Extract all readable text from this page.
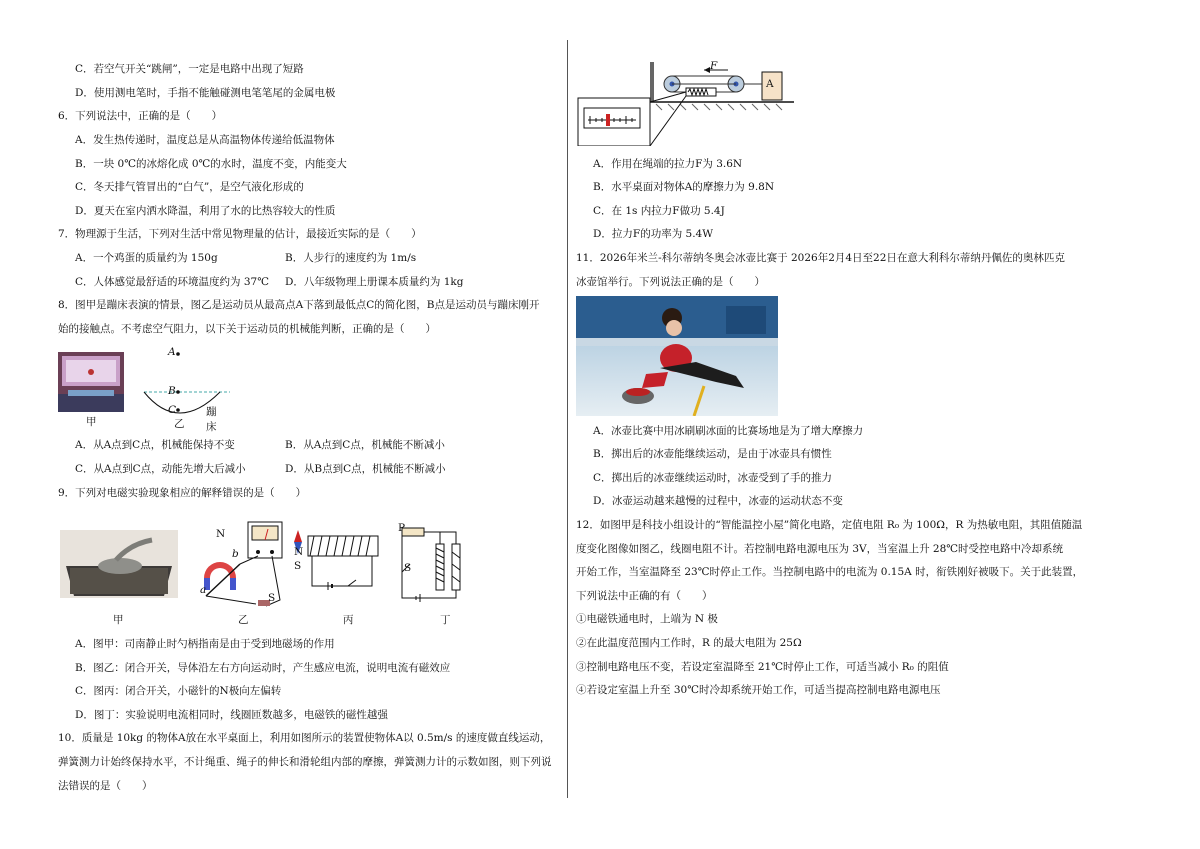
C．若空气开关“跳闸”，一定是电路中出现了短路
D．使用测电笔时，手指不能触碰测电笔笔尾的金属电极
6．下列说法中，正确的是（　　）
A．发生热传递时，温度总是从高温物体传递给低温物体
B．一块 0℃的冰熔化成 0℃的水时，温度不变，内能变大
C．冬天排气管冒出的“白气”，是空气液化形成的
D．夏天在室内洒水降温，利用了水的比热容较大的性质
7．物理源于生活，下列对生活中常见物理量的估计，最接近实际的是（　　）
A．一个鸡蛋的质量约为 150g	B．人步行的速度约为 1m/s
C．人体感觉最舒适的环境温度约为 37℃ D．八年级物理上册课本质量约为 1kg
8．图甲是蹦床表演的情景，图乙是运动员从最高点A下落到最低点C的简化图，B点是运动员与蹦床刚开
始的接触点。不考虑空气阻力，以下关于运动员的机械能判断，正确的是（　　）
甲
A
B
C	蹦床
乙
A．从A点到C点，机械能保持不变	B．从A点到C点，机械能不断减小
C．从A点到C点，动能先增大后减小	D．从B点到C点，机械能不断减小
9．下列对电磁实验现象相应的解释错误的是（　　）
甲
N
b
a
S
乙
N
S
丙
P
S
丁
A．图甲：司南静止时勺柄指南是由于受到地磁场的作用
B．图乙：闭合开关，导体沿左右方向运动时，产生感应电流，说明电流有磁效应
C．图丙：闭合开关，小磁针的N极向左偏转
D．图丁：实验说明电流相同时，线圈匝数越多，电磁铁的磁性越强
10．质量是 10kg 的物体A放在水平桌面上，利用如图所示的装置使物体A以 0.5m/s 的速度做直线运动，
弹簧测力计始终保持水平，不计绳重、绳子的伸长和滑轮组内部的摩擦，弹簧测力计的示数如图，则下列说
法错误的是（　　）
F
A
A．作用在绳端的拉力F为 3.6N
B．水平桌面对物体A的摩擦力为 9.8N
C．在 1s 内拉力F做功 5.4J
D．拉力F的功率为 5.4W
11．2026年米兰-科尔蒂纳冬奥会冰壶比赛于 2026年2月4日至22日在意大利科尔蒂纳丹佩佐的奥林匹克
冰壶馆举行。下列说法正确的是（　　）
A．冰壶比赛中用冰刷刷冰面的比赛场地是为了增大摩擦力
B．掷出后的冰壶能继续运动，是由于冰壶具有惯性
C．掷出后的冰壶继续运动时，冰壶受到了手的推力
D．冰壶运动越来越慢的过程中，冰壶的运动状态不变
12．如图甲是科技小组设计的“智能温控小屋”简化电路，定值电阻 R₀ 为 100Ω，R 为热敏电阻，其阻值随温
度变化图像如图乙，线圈电阻不计。若控制电路电源电压为 3V，当室温上升 28℃时受控电路中冷却系统
开始工作，当室温降至 23℃时停止工作。当控制电路中的电流为 0.15A 时，衔铁刚好被吸下。关于此装置，
下列说法中正确的有（　　）
①电磁铁通电时，上端为 N 极
②在此温度范围内工作时，R 的最大电阻为 25Ω
③控制电路电压不变，若设定室温降至 21℃时停止工作，可适当减小 R₀ 的阻值
④若设定室温上升至 30℃时冷却系统开始工作，可适当提高控制电路电源电压
